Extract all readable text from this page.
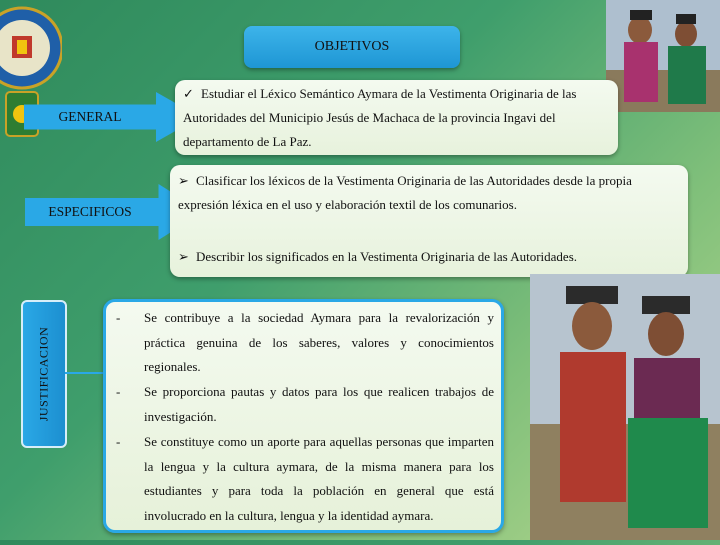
OBJETIVOS
GENERAL
✓ Estudiar el Léxico Semántico Aymara de la Vestimenta Originaria de las Autoridades del Municipio Jesús de Machaca de la provincia Ingavi del departamento de La Paz.
ESPECIFICOS
➢ Clasificar los léxicos de la Vestimenta Originaria de las Autoridades desde la propia expresión léxica en el uso y elaboración textil de los comunarios.
➢ Describir los significados en la Vestimenta Originaria de las Autoridades.
JUSTIFICACION
- Se contribuye a la sociedad Aymara para la revalorización y práctica genuina de los saberes, valores y conocimientos regionales.
- Se proporciona pautas y datos para los que realicen trabajos de investigación.
- Se constituye como un aporte para aquellas personas que imparten la lengua y la cultura aymara, de la misma manera para los estudiantes y para toda la población en general que está involucrado en la cultura, lengua y la identidad aymara.
